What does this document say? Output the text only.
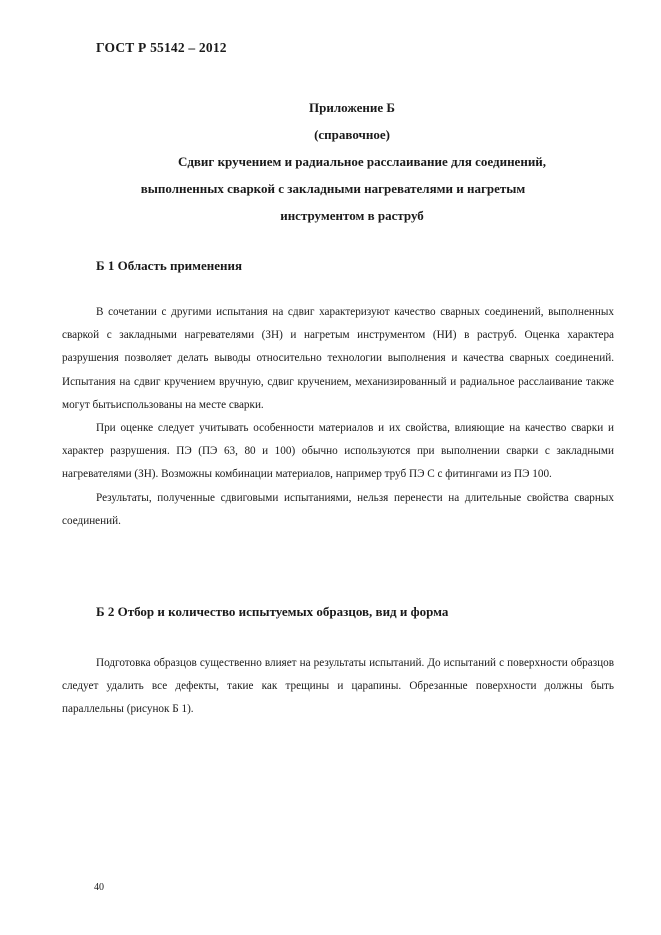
ГОСТ Р 55142 – 2012
Приложение Б
(справочное)
Сдвиг кручением и радиальное расслаивание для соединений,
выполненных сваркой с закладными нагревателями и нагретым
инструментом в раструб
Б 1 Область применения

В сочетании с другими испытания на сдвиг характеризуют качество сварных соединений, выполненных сваркой с закладными нагревателями (ЗН) и нагретым инструментом (НИ) в раструб. Оценка характера разрушения позволяет делать выводы относительно технологии выполнения и качества сварных соединений. Испытания на сдвиг кручением вручную, сдвиг кручением, механизированный и радиальное расслаивание также могут бытьиспользованы на месте сварки.

При оценке следует учитывать особенности материалов и их свойства, влияющие на качество сварки и характер разрушения. ПЭ (ПЭ 63, 80 и 100) обычно используются при выполнении сварки с закладными нагревателями (ЗН). Возможны комбинации материалов, например труб ПЭ С с фитингами из ПЭ 100.

Результаты, полученные сдвиговыми испытаниями, нельзя перенести на длительные свойства сварных соединений.

Б 2 Отбор и количество испытуемых образцов, вид и форма

Подготовка образцов существенно влияет на результаты испытаний. До испытаний с поверхности образцов следует удалить все дефекты, такие как трещины и царапины. Обрезанные поверхности должны быть параллельны (рисунок Б 1).

40
